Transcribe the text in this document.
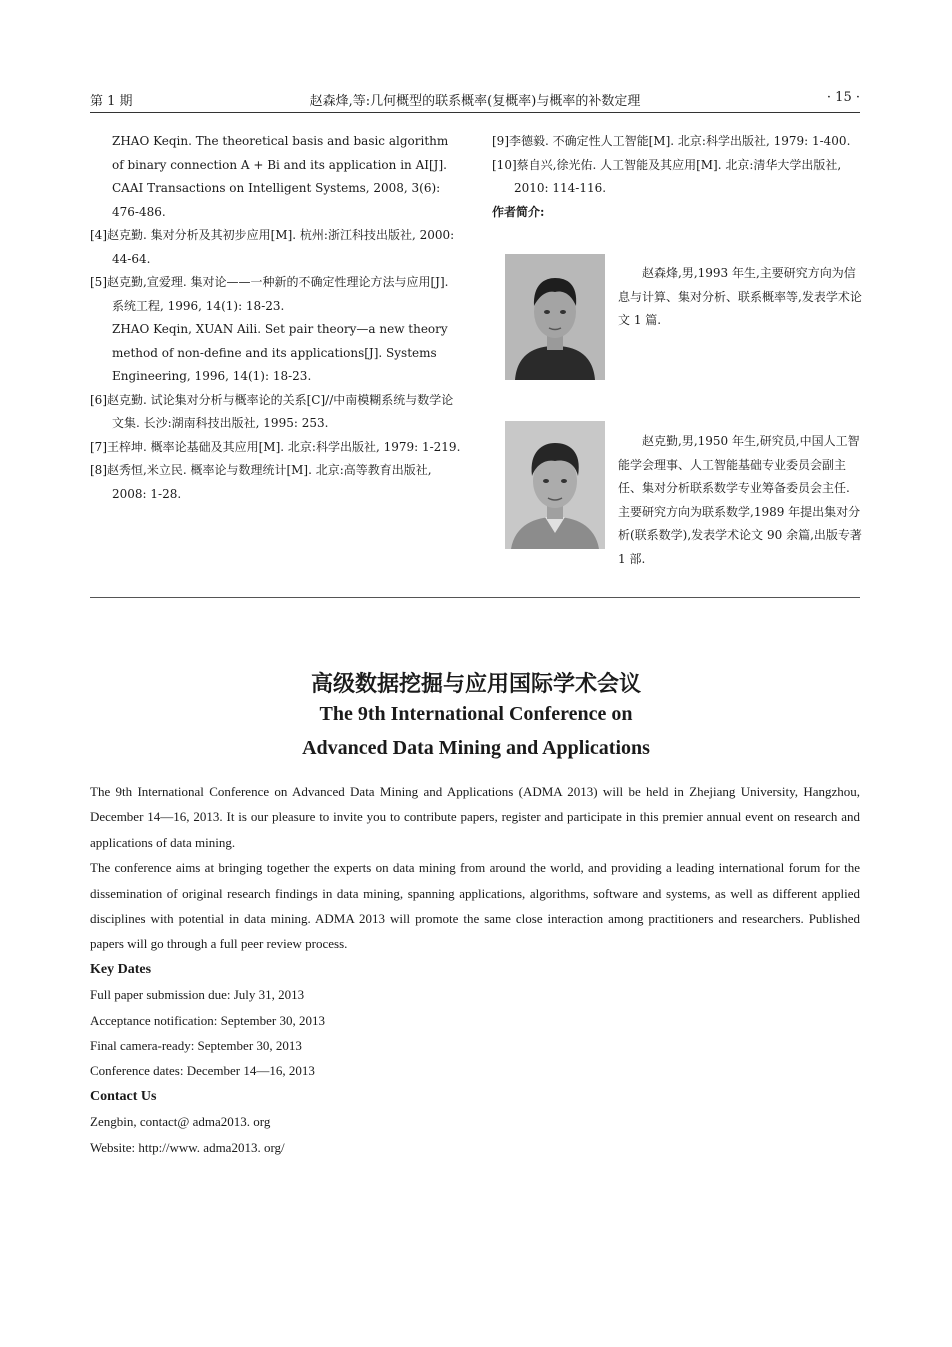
第 1 期	赵森烽,等:几何概型的联系概率(复概率)与概率的补数定理	· 15 ·

ZHAO Keqin. The theoretical basis and basic algorithm of binary connection A + Bi and its application in AI[J]. CAAI Transactions on Intelligent Systems, 2008, 3(6): 476-486.

[4]赵克勤. 集对分析及其初步应用[M]. 杭州:浙江科技出版社, 2000: 44-64.

[5]赵克勤,宣爱理. 集对论——一种新的不确定性理论方法与应用[J]. 系统工程, 1996, 14(1): 18-23.
ZHAO Keqin, XUAN Aili. Set pair theory—a new theory method of non-define and its applications[J]. Systems Engineering, 1996, 14(1): 18-23.

[6]赵克勤. 试论集对分析与概率论的关系[C]//中南模糊系统与数学论文集. 长沙:湖南科技出版社, 1995: 253.

[7]王梓坤. 概率论基础及其应用[M]. 北京:科学出版社, 1979: 1-219.

[8]赵秀恒,米立民. 概率论与数理统计[M]. 北京:高等教育出版社, 2008: 1-28.

[9]李德毅. 不确定性人工智能[M]. 北京:科学出版社, 1979: 1-400.

[10]蔡自兴,徐光佑. 人工智能及其应用[M]. 北京:清华大学出版社, 2010: 114-116.

作者简介:

赵森烽,男,1993 年生,主要研究方向为信息与计算、集对分析、联系概率等,发表学术论文 1 篇.

赵克勤,男,1950 年生,研究员,中国人工智能学会理事、人工智能基础专业委员会副主任、集对分析联系数学专业筹备委员会主任. 主要研究方向为联系数学,1989 年提出集对分析(联系数学),发表学术论文 90 余篇,出版专著 1 部.

高级数据挖掘与应用国际学术会议
The 9th International Conference on
Advanced Data Mining and Applications

The 9th International Conference on Advanced Data Mining and Applications (ADMA 2013) will be held in Zhejiang University, Hangzhou, December 14—16, 2013. It is our pleasure to invite you to contribute papers, register and participate in this premier annual event on research and applications of data mining.

The conference aims at bringing together the experts on data mining from around the world, and providing a leading international forum for the dissemination of original research findings in data mining, spanning applications, algorithms, software and systems, as well as different applied disciplines with potential in data mining. ADMA 2013 will promote the same close interaction among practitioners and researchers. Published papers will go through a full peer review process.

Key Dates

Full paper submission due: July 31, 2013

Acceptance notification: September 30, 2013

Final camera-ready: September 30, 2013

Conference dates: December 14—16, 2013

Contact Us

Zengbin, contact@ adma2013. org

Website: http://www. adma2013. org/
